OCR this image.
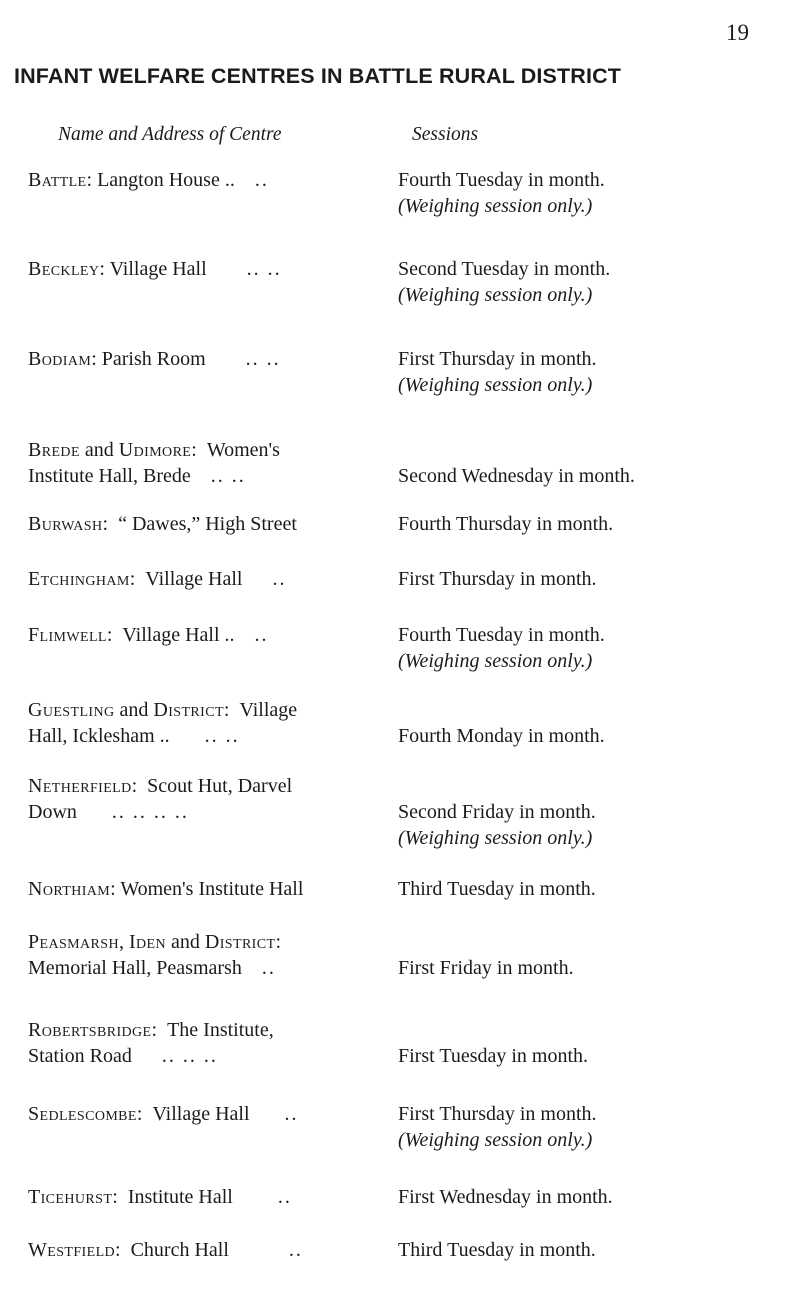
19
INFANT WELFARE CENTRES IN BATTLE RURAL DISTRICT
Name and Address of Centre	Sessions
Battle: Langton House .. ..	Fourth Tuesday in month.
(Weighing session only.)
Beckley: Village Hall .. ..	Second Tuesday in month.
(Weighing session only.)
Bodiam: Parish Room .. ..	First Thursday in month.
(Weighing session only.)
Brede and Udimore:  Women's
Institute Hall, Brede .. ..
	Second Wednesday in month.
Burwash:  “ Dawes,” High Street	Fourth Thursday in month.
Etchingham:  Village Hall ..	First Thursday in month.
Flimwell:  Village Hall .. ..	Fourth Tuesday in month.
(Weighing session only.)
Guestling and District:  Village
Hall, Icklesham .. .. ..
	Fourth Monday in month.
Netherfield:  Scout Hut, Darvel
Down .. .. .. ..
	Second Friday in month.
(Weighing session only.)
Northiam: Women's Institute Hall	Third Tuesday in month.
Peasmarsh, Iden and District:
Memorial Hall, Peasmarsh ..
	First Friday in month.
Robertsbridge:  The Institute,
Station Road .. .. ..
	First Tuesday in month.
Sedlescombe:  Village Hall ..	First Thursday in month.
(Weighing session only.)
Ticehurst:  Institute Hall ..	First Wednesday in month.
Westfield:  Church Hall	..	Third Tuesday in month.
